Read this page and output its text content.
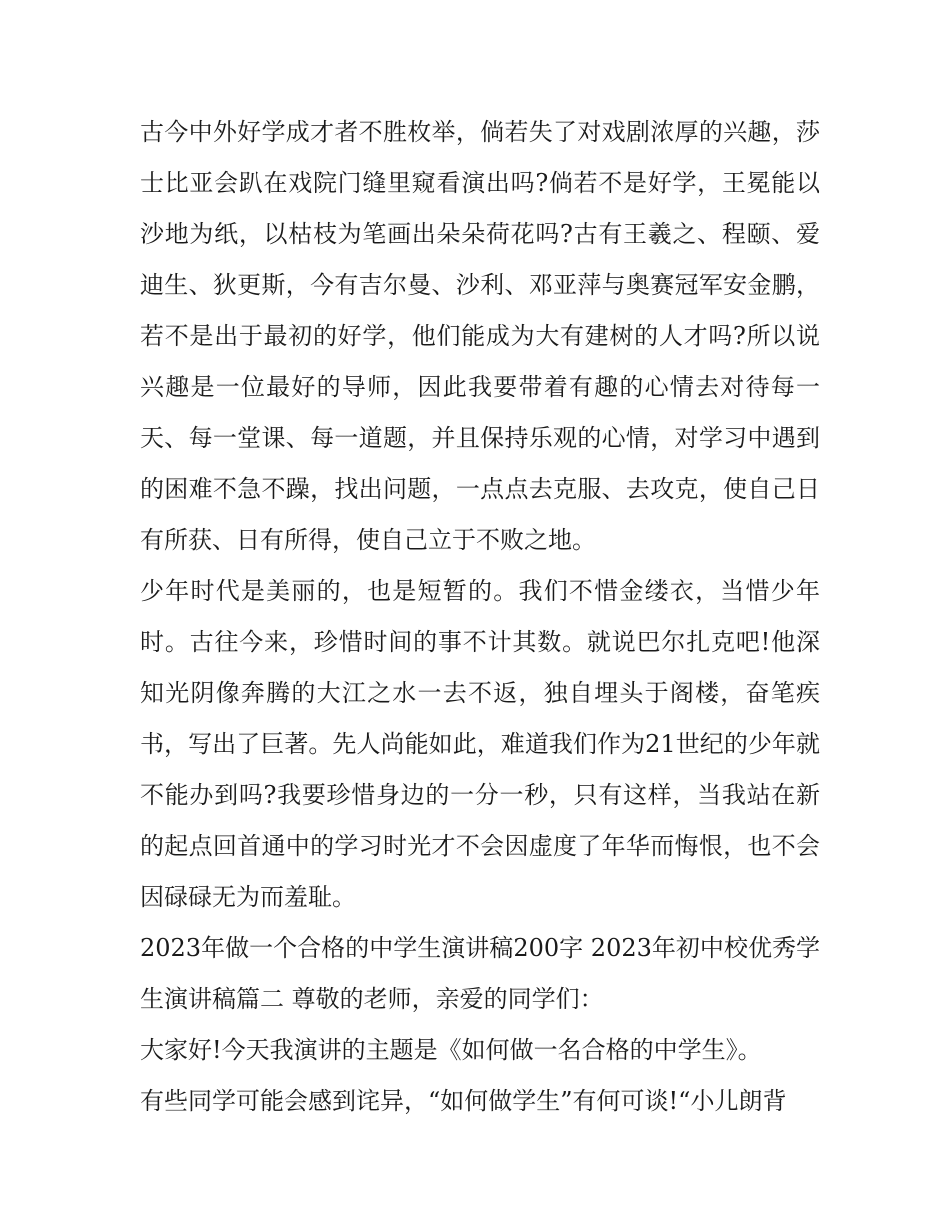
古今中外好学成才者不胜枚举，倘若失了对戏剧浓厚的兴趣，莎士比亚会趴在戏院门缝里窥看演出吗?倘若不是好学，王冕能以沙地为纸，以枯枝为笔画出朵朵荷花吗?古有王羲之、程颐、爱迪生、狄更斯，今有吉尔曼、沙利、邓亚萍与奥赛冠军安金鹏，若不是出于最初的好学，他们能成为大有建树的人才吗?所以说兴趣是一位最好的导师，因此我要带着有趣的心情去对待每一天、每一堂课、每一道题，并且保持乐观的心情，对学习中遇到的困难不急不躁，找出问题，一点点去克服、去攻克，使自己日有所获、日有所得，使自己立于不败之地。

少年时代是美丽的，也是短暂的。我们不惜金缕衣，当惜少年时。古往今来，珍惜时间的事不计其数。就说巴尔扎克吧!他深知光阴像奔腾的大江之水一去不返，独自埋头于阁楼，奋笔疾书，写出了巨著。先人尚能如此，难道我们作为21世纪的少年就不能办到吗?我要珍惜身边的一分一秒，只有这样，当我站在新的起点回首通中的学习时光才不会因虚度了年华而悔恨，也不会因碌碌无为而羞耻。

2023年做一个合格的中学生演讲稿200字 2023年初中校优秀学生演讲稿篇二 尊敬的老师，亲爱的同学们：

大家好!今天我演讲的主题是《如何做一名合格的中学生》。

有些同学可能会感到诧异，“如何做学生”有何可谈!“小儿朗背
